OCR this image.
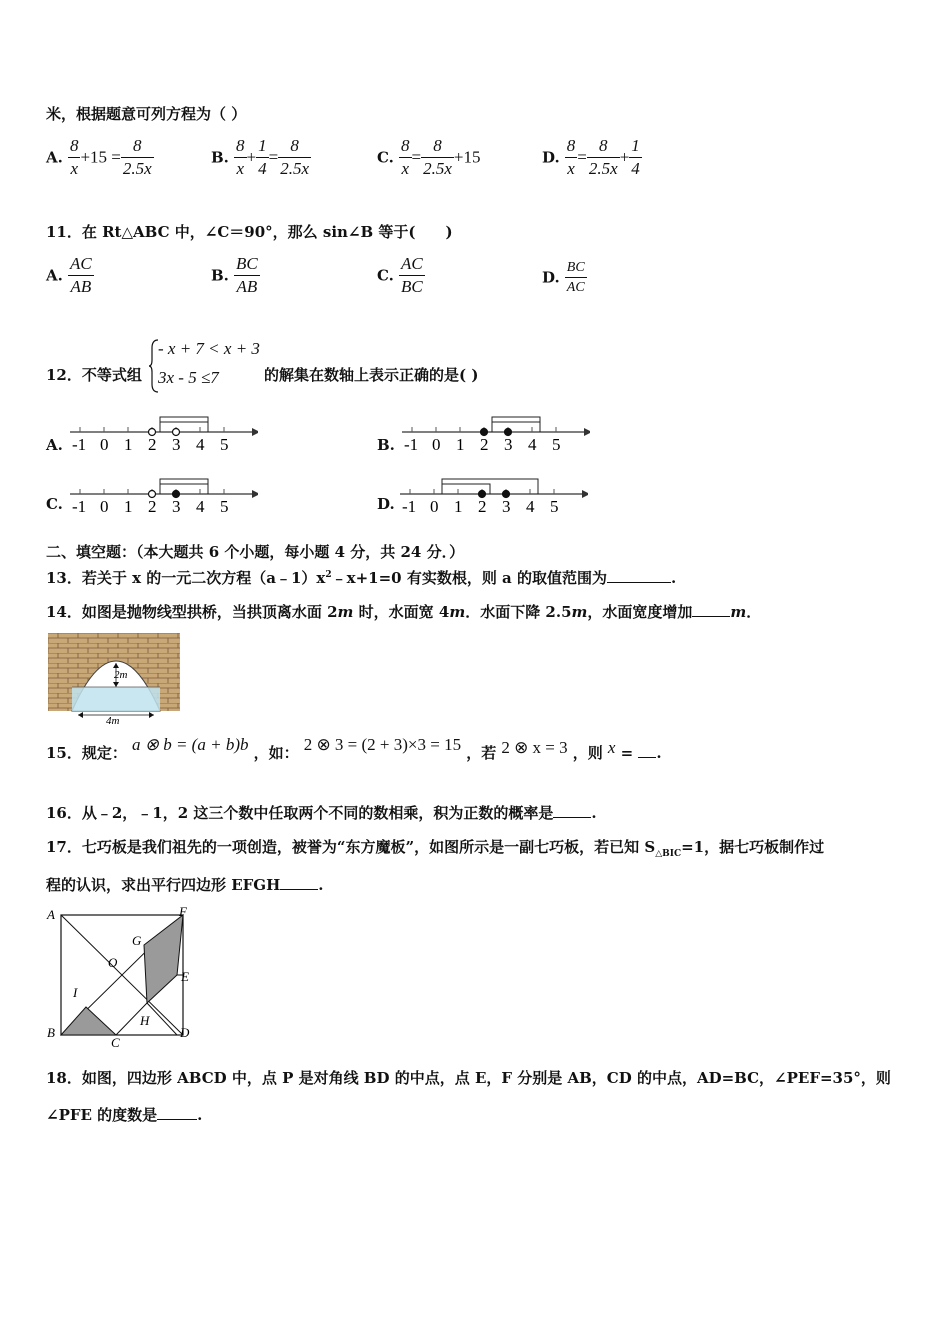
米，根据题意可列方程为（ ）
A. $\frac{8}{x} +15 = \frac{8}{2.5x}$	B. $\frac{8}{x} + \frac{1}{4} = \frac{8}{2.5x}$	C. $\frac{8}{x} = \frac{8}{2.5x} +15$	D. $\frac{8}{x} = \frac{8}{2.5x} + \frac{1}{4}$
11．在 Rt△ABC 中，∠C＝90°，那么 sin∠B 等于(　　)
A. $\frac{AC}{AB}$	B. $\frac{BC}{AB}$	C. $\frac{AC}{BC}$	D. $\frac{BC}{AC}$
12．不等式组
- x + 7 < x + 3
3x - 5 ≤7	的解集在数轴上表示正确的是( )
A. -1 0 1 2 3 4 5	B. -1 0 1 2 3 4 5
C. -1 0 1 2 3 4 5	D. -1 0 1 2 3 4 5
二、填空题：（本大题共 6 个小题，每小题 4 分，共 24 分．）
13．若关于 x 的一元二次方程$(a﹣1)x^2﹣x+1=0$ 有实数根，则 a 的取值范围为	.
14．如图是抛物线型拱桥，当拱顶离水面 2m 时，水面宽 4m．水面下降 2.5m，水面宽度增加	m．
2m
4m
15．规定： a ⊗ b = (a + b)b ，如： 2 ⊗ 3 = (2 + 3)×3 = 15 ，若 2 ⊗ x = 3 ，则 x = .
16．从﹣2，﹣1，2 这三个数中任取两个不同的数相乘，积为正数的概率是	.
17．七巧板是我们祖先的一项创造，被誉为“东方魔板”，如图所示是一副七巧板，若已知 $S_{\triangle BIC}=1$，据七巧板制作过
程的认识，求出平行四边形 EFGH	.
A	F
G
O
E
I
H
B	D
C
18．如图，四边形 ABCD 中，点 P 是对角线 BD 的中点，点 E，F 分别是 AB，CD 的中点，AD=BC，∠PEF=35°，则
∠PFE 的度数是	.
